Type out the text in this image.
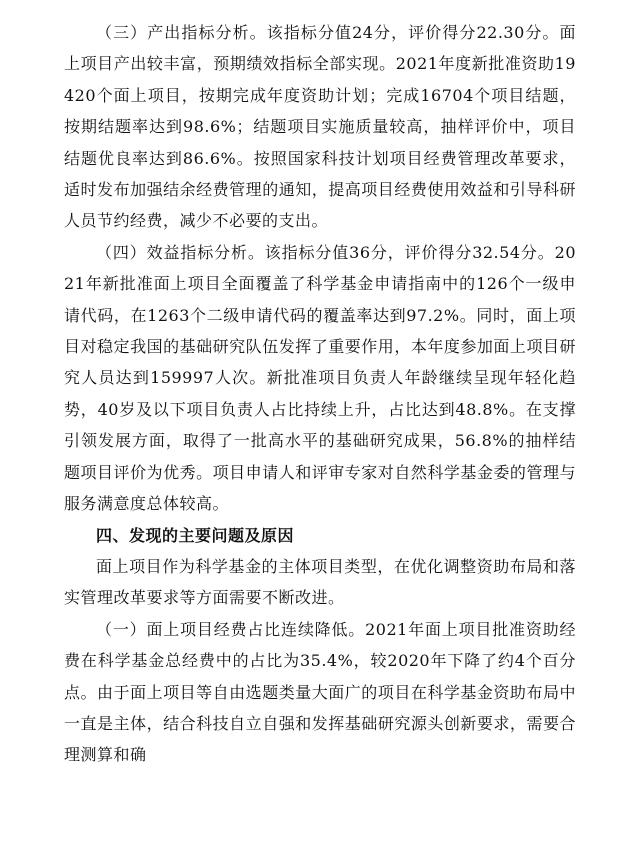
（三）产出指标分析。该指标分值24分，评价得分22.30分。面上项目产出较丰富，预期绩效指标全部实现。2021年度新批准资助19420个面上项目，按期完成年度资助计划；完成16704个项目结题，按期结题率达到98.6%；结题项目实施质量较高，抽样评价中，项目结题优良率达到86.6%。按照国家科技计划项目经费管理改革要求，适时发布加强结余经费管理的通知，提高项目经费使用效益和引导科研人员节约经费，减少不必要的支出。

（四）效益指标分析。该指标分值36分，评价得分32.54分。2021年新批准面上项目全面覆盖了科学基金申请指南中的126个一级申请代码，在1263个二级申请代码的覆盖率达到97.2%。同时，面上项目对稳定我国的基础研究队伍发挥了重要作用，本年度参加面上项目研究人员达到159997人次。新批准项目负责人年龄继续呈现年轻化趋势，40岁及以下项目负责人占比持续上升，占比达到48.8%。在支撑引领发展方面，取得了一批高水平的基础研究成果，56.8%的抽样结题项目评价为优秀。项目申请人和评审专家对自然科学基金委的管理与服务满意度总体较高。

四、发现的主要问题及原因

面上项目作为科学基金的主体项目类型，在优化调整资助布局和落实管理改革要求等方面需要不断改进。

（一）面上项目经费占比连续降低。2021年面上项目批准资助经费在科学基金总经费中的占比为35.4%，较2020年下降了约4个百分点。由于面上项目等自由选题类量大面广的项目在科学基金资助布局中一直是主体，结合科技自立自强和发挥基础研究源头创新要求，需要合理测算和确
